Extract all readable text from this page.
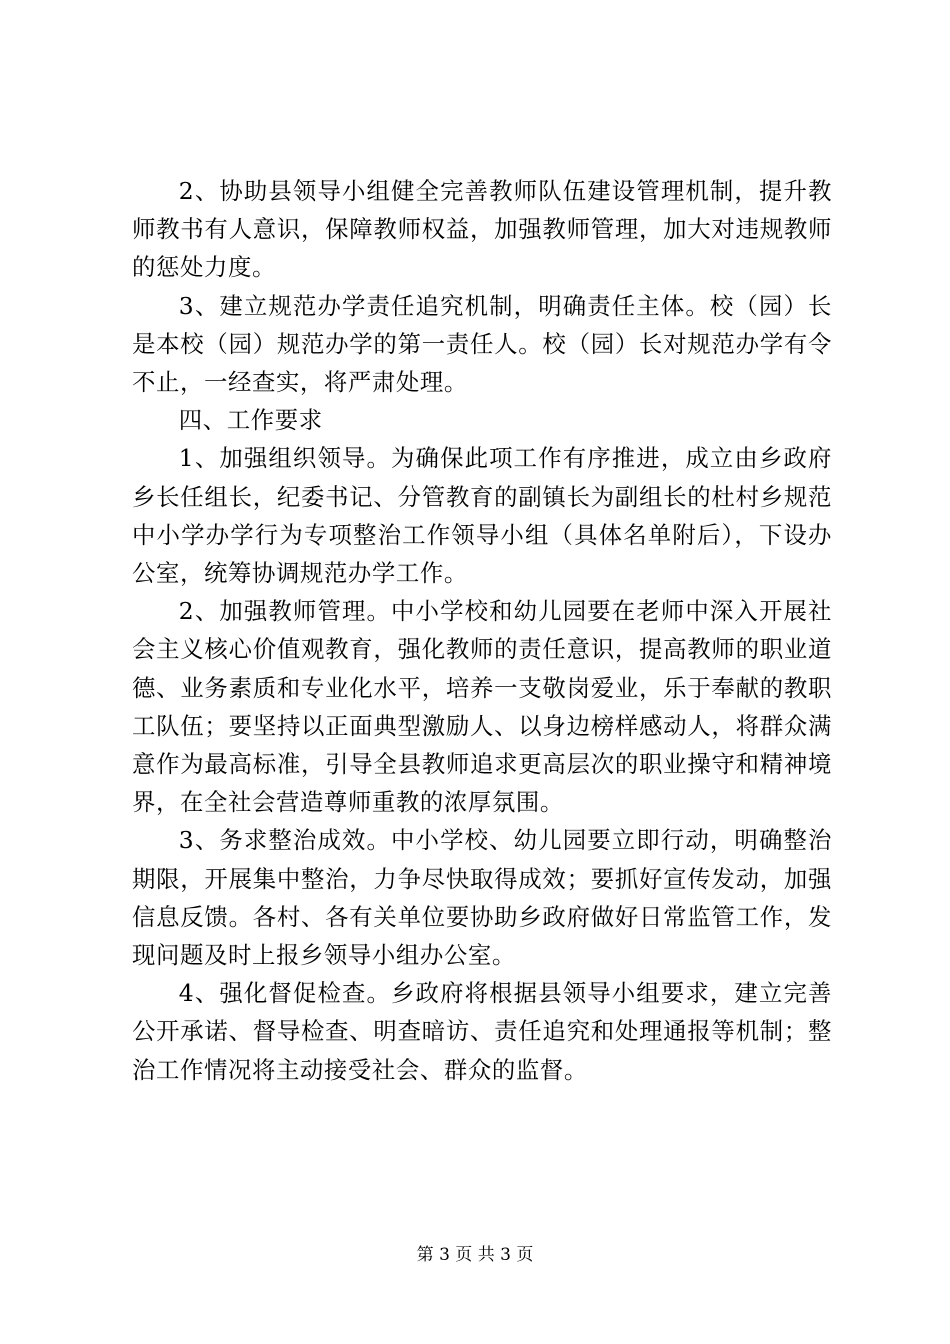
2、协助县领导小组健全完善教师队伍建设管理机制，提升教师教书有人意识，保障教师权益，加强教师管理，加大对违规教师的惩处力度。

3、建立规范办学责任追究机制，明确责任主体。校（园）长是本校（园）规范办学的第一责任人。校（园）长对规范办学有令不止，一经查实，将严肃处理。

四、工作要求

1、加强组织领导。为确保此项工作有序推进，成立由乡政府乡长任组长，纪委书记、分管教育的副镇长为副组长的杜村乡规范中小学办学行为专项整治工作领导小组（具体名单附后），下设办公室，统筹协调规范办学工作。

2、加强教师管理。中小学校和幼儿园要在老师中深入开展社会主义核心价值观教育，强化教师的责任意识，提高教师的职业道德、业务素质和专业化水平，培养一支敬岗爱业，乐于奉献的教职工队伍；要坚持以正面典型激励人、以身边榜样感动人，将群众满意作为最高标准，引导全县教师追求更高层次的职业操守和精神境界，在全社会营造尊师重教的浓厚氛围。

3、务求整治成效。中小学校、幼儿园要立即行动，明确整治期限，开展集中整治，力争尽快取得成效；要抓好宣传发动，加强信息反馈。各村、各有关单位要协助乡政府做好日常监管工作，发现问题及时上报乡领导小组办公室。

4、强化督促检查。乡政府将根据县领导小组要求，建立完善公开承诺、督导检查、明查暗访、责任追究和处理通报等机制；整治工作情况将主动接受社会、群众的监督。

第 3 页 共 3 页
